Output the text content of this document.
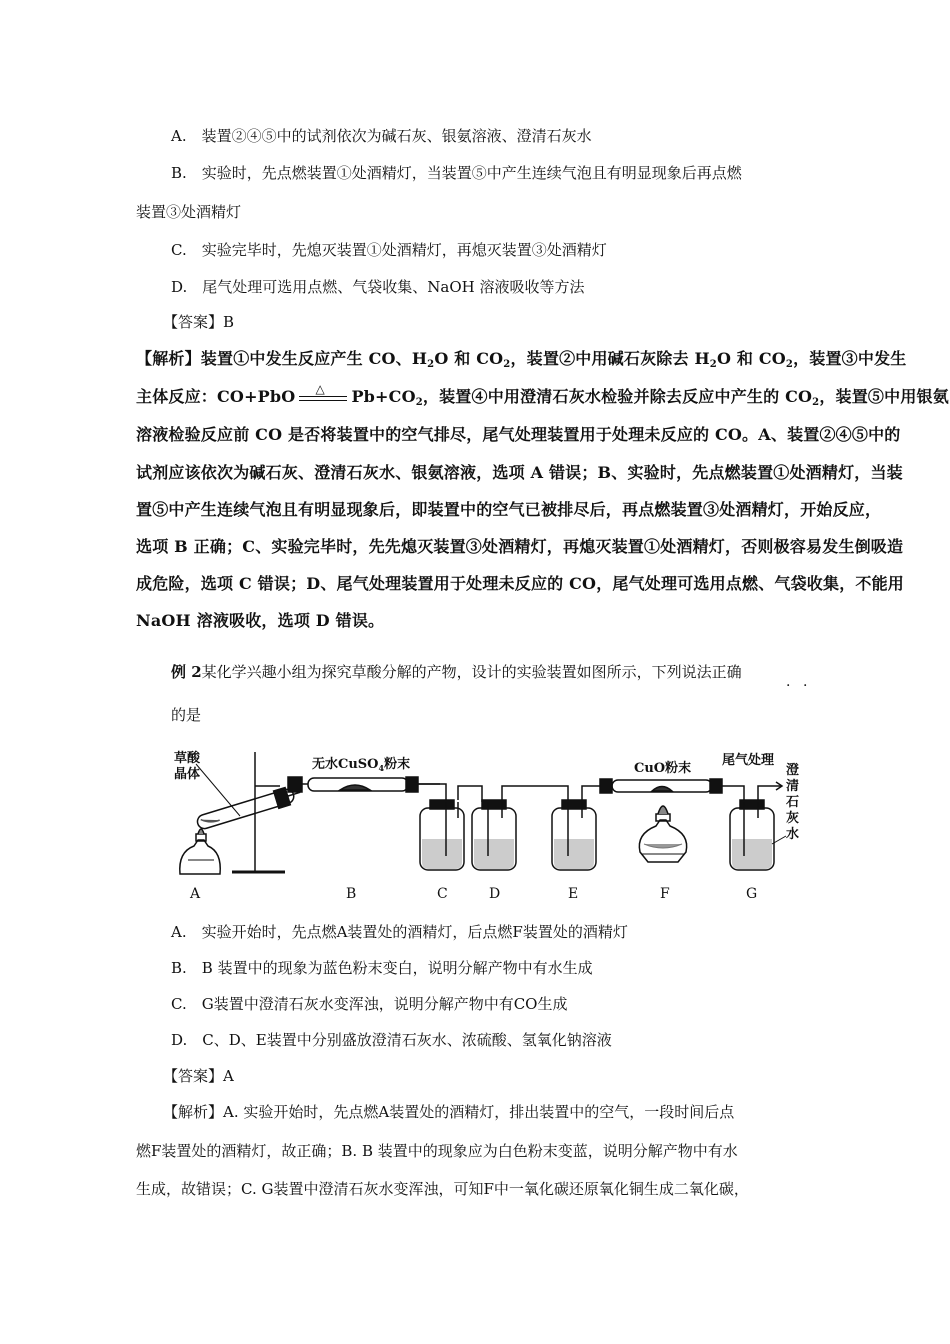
A.　装置②④⑤中的试剂依次为碱石灰、银氨溶液、澄清石灰水
B.　实验时，先点燃装置①处酒精灯，当装置⑤中产生连续气泡且有明显现象后再点燃
装置③处酒精灯
C.　实验完毕时，先熄灭装置①处酒精灯，再熄灭装置③处酒精灯
D.　尾气处理可选用点燃、气袋收集、NaOH 溶液吸收等方法
【答案】B
【解析】装置①中发生反应产生 CO、$H_2O$ 和 $CO_2$，装置②中用碱石灰除去 $H_2O$ 和 $CO_2$，装置③中发生
主体反应：CO+PbO △ $Pb+CO_2$，装置④中用澄清石灰水检验并除去反应中产生的 $CO_2$，装置⑤中用银氨
溶液检验反应前 CO 是否将装置中的空气排尽，尾气处理装置用于处理未反应的 CO。A、装置②④⑤中的
试剂应该依次为碱石灰、澄清石灰水、银氨溶液，选项 A 错误；B、实验时，先点燃装置①处酒精灯，当装
置⑤中产生连续气泡且有明显现象后，即装置中的空气已被排尽后，再点燃装置③处酒精灯，开始反应，
选项 B 正确；C、实验完毕时，先先熄灭装置③处酒精灯，再熄灭装置①处酒精灯，否则极容易发生倒吸造
成危险，选项 C 错误；D、尾气处理装置用于处理未反应的 CO，尾气处理可选用点燃、气袋收集，不能用
NaOH 溶液吸收，选项 D 错误。
例 2某化学兴趣小组为探究草酸分解的产物，设计的实验装置如图所示，下列说法正确
· ·
的是
草酸
晶体
无水CuSO$_4$粉末	CuO粉末
尾气处理
澄
清
石
灰
水
A	B	C	D	E	F	G
A.　实验开始时，先点燃A装置处的酒精灯，后点燃F装置处的酒精灯
B.　B 装置中的现象为蓝色粉末变白，说明分解产物中有水生成
C.　G装置中澄清石灰水变浑浊，说明分解产物中有CO生成
D.　C、D、E装置中分别盛放澄清石灰水、浓硫酸、氢氧化钠溶液
【答案】A
【解析】A. 实验开始时，先点燃A装置处的酒精灯，排出装置中的空气，一段时间后点
燃F装置处的酒精灯，故正确；B. B 装置中的现象应为白色粉末变蓝，说明分解产物中有水
生成，故错误；C. G装置中澄清石灰水变浑浊，可知F中一氧化碳还原氧化铜生成二氧化碳，
